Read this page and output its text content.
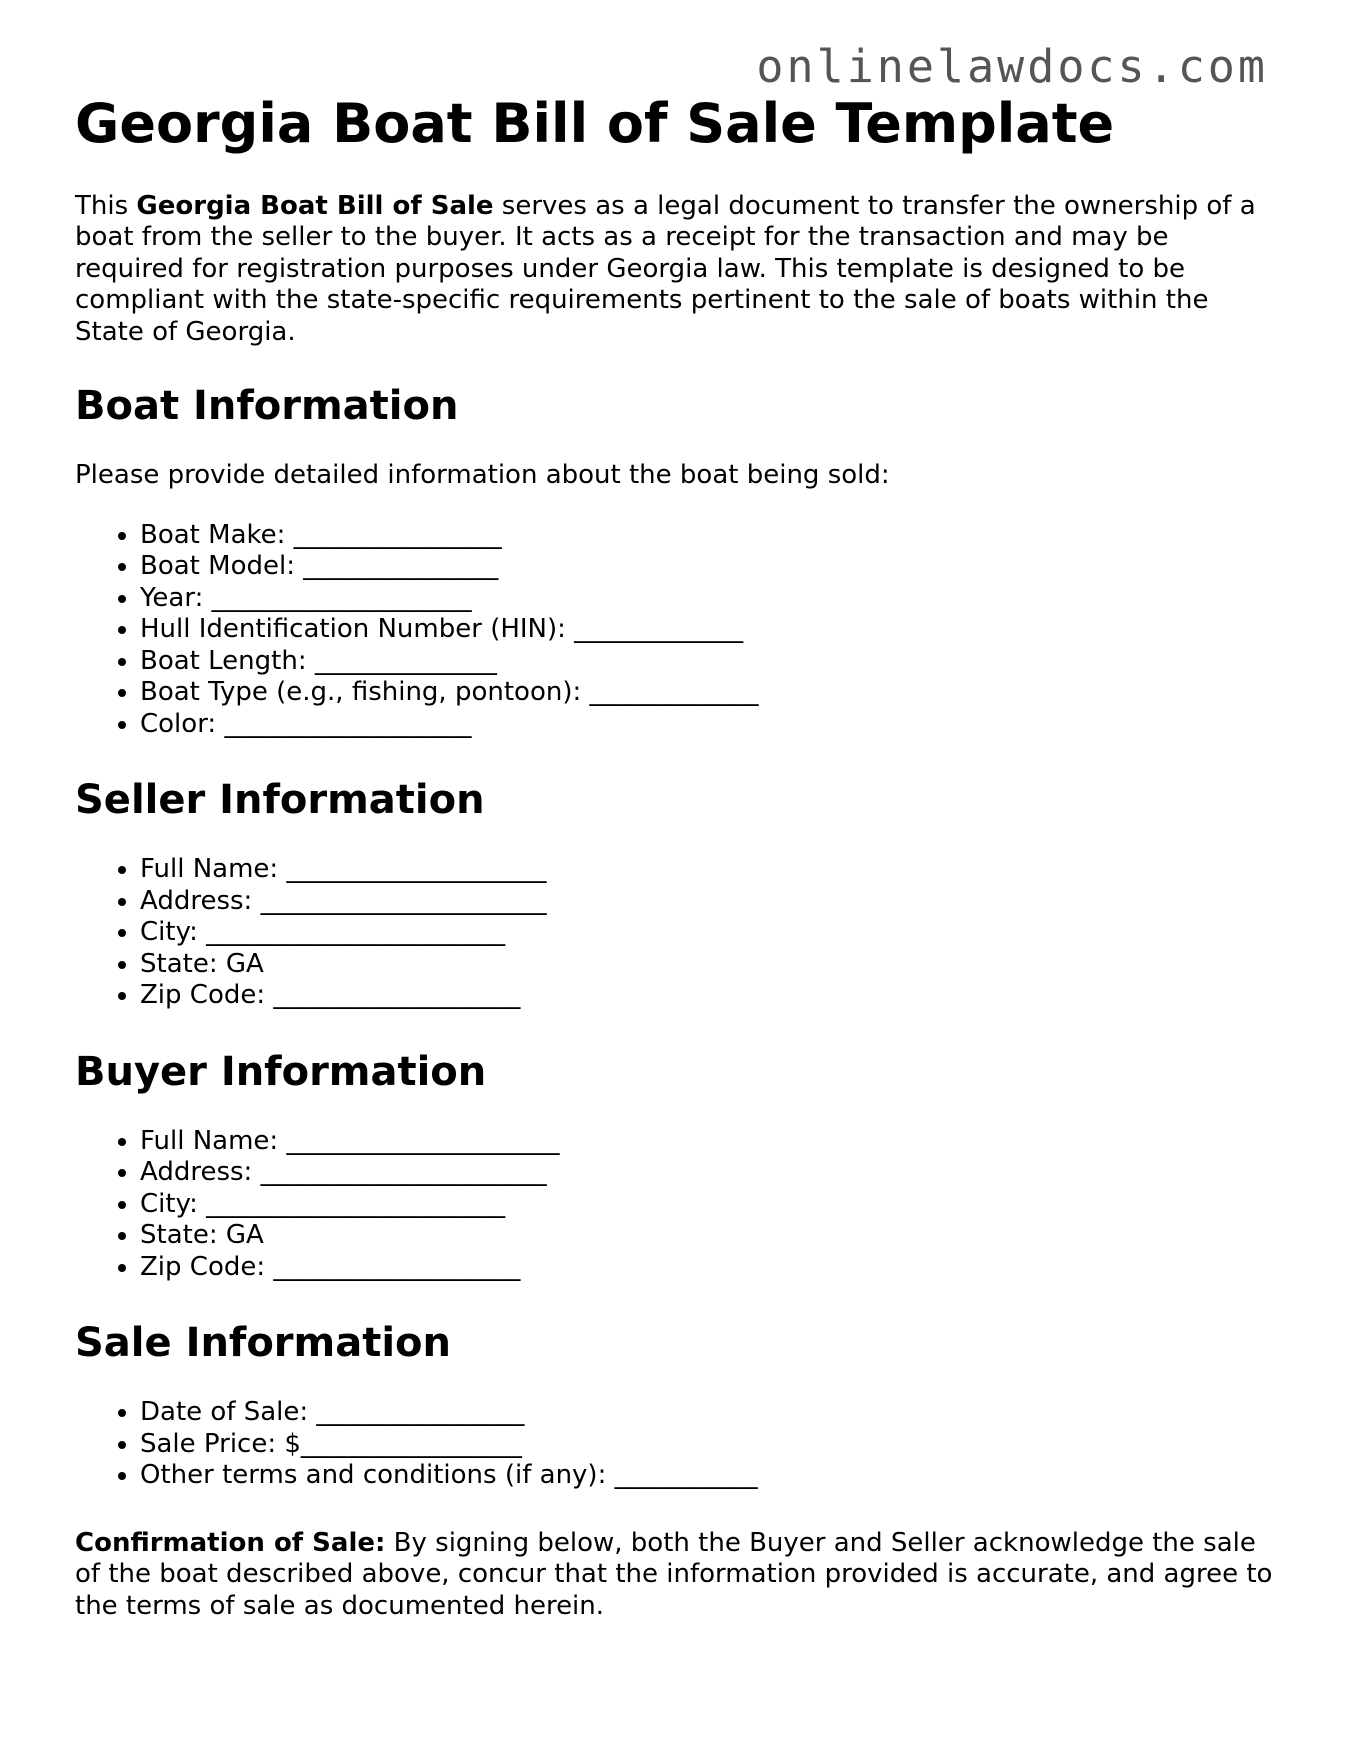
onlinelawdocs.com
Georgia Boat Bill of Sale Template

This Georgia Boat Bill of Sale serves as a legal document to transfer the ownership of a boat from the seller to the buyer. It acts as a receipt for the transaction and may be required for registration purposes under Georgia law. This template is designed to be compliant with the state-specific requirements pertinent to the sale of boats within the State of Georgia.

Boat Information

Please provide detailed information about the boat being sold:

• Boat Make: ________________
• Boat Model: _______________
• Year: ____________________
• Hull Identification Number (HIN): _____________
• Boat Length: ______________
• Boat Type (e.g., fishing, pontoon): _____________
• Color: ___________________
Seller Information
• Full Name: ____________________
• Address: ______________________
• City: _______________________
• State: GA
• Zip Code: ___________________
Buyer Information
• Full Name: _____________________
• Address: ______________________
• City: _______________________
• State: GA
• Zip Code: ___________________
Sale Information
• Date of Sale: ________________
• Sale Price: $_________________
• Other terms and conditions (if any): ___________

Confirmation of Sale: By signing below, both the Buyer and Seller acknowledge the sale of the boat described above, concur that the information provided is accurate, and agree to the terms of sale as documented herein.
